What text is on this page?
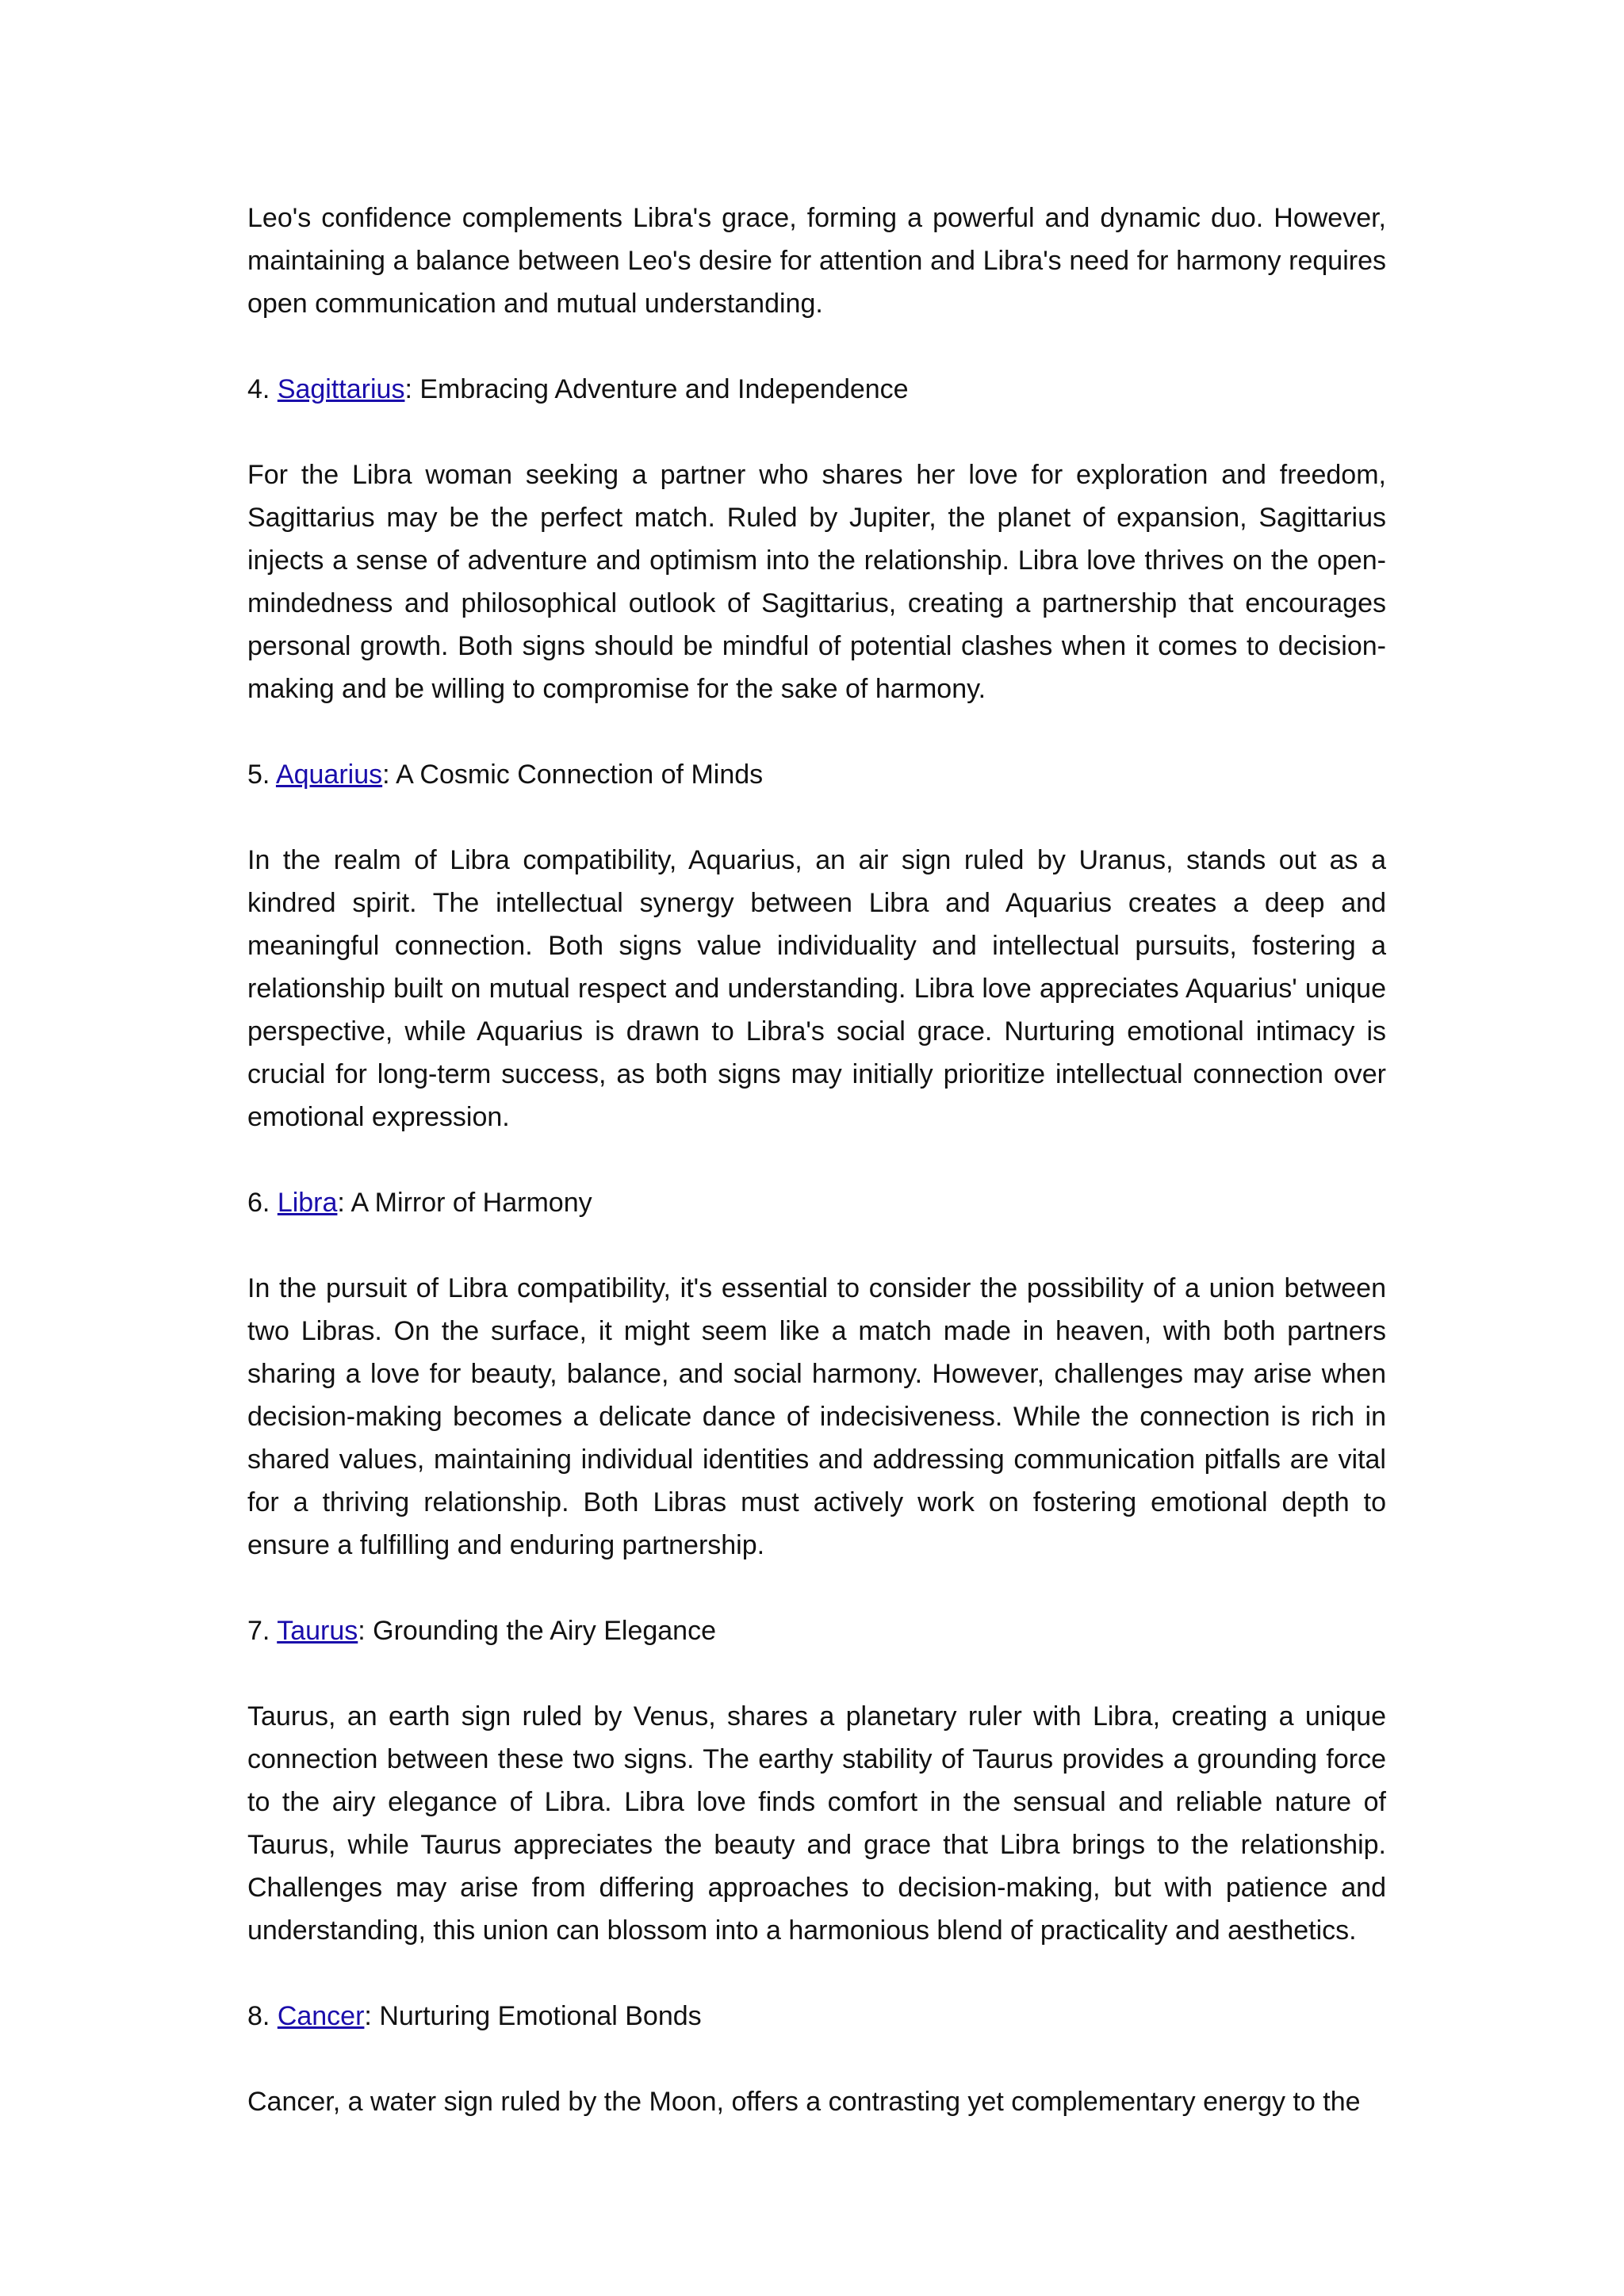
Leo's confidence complements Libra's grace, forming a powerful and dynamic duo. However, maintaining a balance between Leo's desire for attention and Libra's need for harmony requires open communication and mutual understanding.

4. Sagittarius: Embracing Adventure and Independence

For the Libra woman seeking a partner who shares her love for exploration and freedom, Sagittarius may be the perfect match. Ruled by Jupiter, the planet of expansion, Sagittarius injects a sense of adventure and optimism into the relationship. Libra love thrives on the open-mindedness and philosophical outlook of Sagittarius, creating a partnership that encourages personal growth. Both signs should be mindful of potential clashes when it comes to decision-making and be willing to compromise for the sake of harmony.

5. Aquarius: A Cosmic Connection of Minds

In the realm of Libra compatibility, Aquarius, an air sign ruled by Uranus, stands out as a kindred spirit. The intellectual synergy between Libra and Aquarius creates a deep and meaningful connection. Both signs value individuality and intellectual pursuits, fostering a relationship built on mutual respect and understanding. Libra love appreciates Aquarius' unique perspective, while Aquarius is drawn to Libra's social grace. Nurturing emotional intimacy is crucial for long-term success, as both signs may initially prioritize intellectual connection over emotional expression.

6. Libra: A Mirror of Harmony

In the pursuit of Libra compatibility, it's essential to consider the possibility of a union between two Libras. On the surface, it might seem like a match made in heaven, with both partners sharing a love for beauty, balance, and social harmony. However, challenges may arise when decision-making becomes a delicate dance of indecisiveness. While the connection is rich in shared values, maintaining individual identities and addressing communication pitfalls are vital for a thriving relationship. Both Libras must actively work on fostering emotional depth to ensure a fulfilling and enduring partnership.

7. Taurus: Grounding the Airy Elegance

Taurus, an earth sign ruled by Venus, shares a planetary ruler with Libra, creating a unique connection between these two signs. The earthy stability of Taurus provides a grounding force to the airy elegance of Libra. Libra love finds comfort in the sensual and reliable nature of Taurus, while Taurus appreciates the beauty and grace that Libra brings to the relationship. Challenges may arise from differing approaches to decision-making, but with patience and understanding, this union can blossom into a harmonious blend of practicality and aesthetics.

8. Cancer: Nurturing Emotional Bonds

Cancer, a water sign ruled by the Moon, offers a contrasting yet complementary energy to the
